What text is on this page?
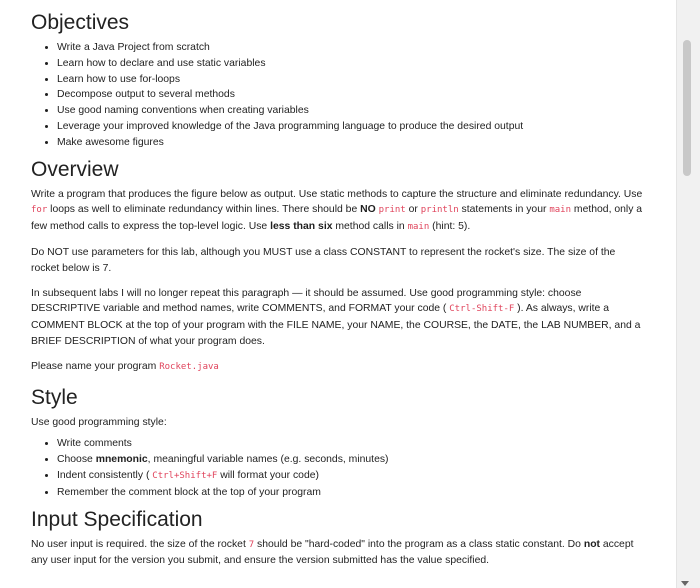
Objectives
• Write a Java Project from scratch
• Learn how to declare and use static variables
• Learn how to use for-loops
• Decompose output to several methods
• Use good naming conventions when creating variables
• Leverage your improved knowledge of the Java programming language to produce the desired output
• Make awesome figures
Overview

Write a program that produces the figure below as output. Use static methods to capture the structure and eliminate redundancy. Use for loops as well to eliminate redundancy within lines. There should be NO print or println statements in your main method, only a few method calls to express the top-level logic. Use less than six method calls in main (hint: 5).

Do NOT use parameters for this lab, although you MUST use a class CONSTANT to represent the rocket's size. The size of the rocket below is 7.

In subsequent labs I will no longer repeat this paragraph — it should be assumed. Use good programming style: choose DESCRIPTIVE variable and method names, write COMMENTS, and FORMAT your code ( Ctrl-Shift-F ). As always, write a COMMENT BLOCK at the top of your program with the FILE NAME, your NAME, the COURSE, the DATE, the LAB NUMBER, and a BRIEF DESCRIPTION of what your program does.

Please name your program Rocket.java

Style

Use good programming style:

• Write comments
• Choose mnemonic, meaningful variable names (e.g. seconds, minutes)
• Indent consistently ( Ctrl+Shift+F will format your code)
• Remember the comment block at the top of your program
Input Specification

No user input is required. the size of the rocket 7 should be "hard-coded" into the program as a class static constant. Do not accept any user input for the version you submit, and ensure the version submitted has the value specified.
